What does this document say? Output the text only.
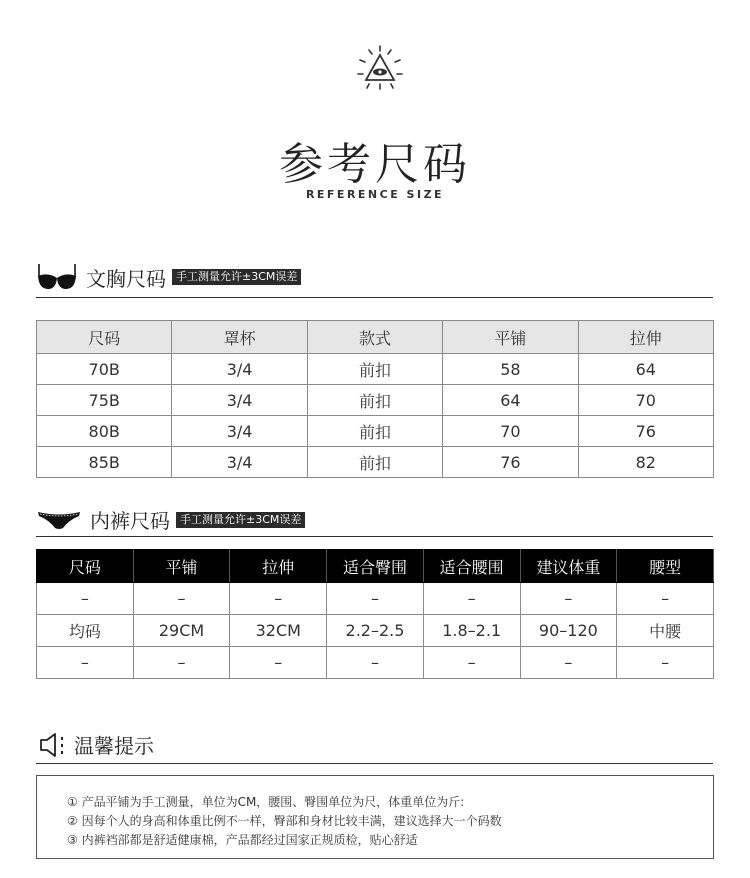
参考尺码
REFERENCE SIZE
文胸尺码 手工测量允许±3CM误差
尺码	罩杯	款式	平铺	拉伸
70B	3/4	前扣	58	64
75B	3/4	前扣	64	70
80B	3/4	前扣	70	76
85B	3/4	前扣	76	82
内裤尺码 手工测量允许±3CM误差
尺码	平铺	拉伸	适合臀围	适合腰围	建议体重	腰型
–	–	–	–	–	–	–
均码	29CM	32CM	2.2–2.5	1.8–2.1	90–120	中腰
–	–	–	–	–	–	–
温馨提示
① 产品平铺为手工测量，单位为CM，腰围、臀围单位为尺，体重单位为斤:
② 因每个人的身高和体重比例不一样，臀部和身材比较丰满，建议选择大一个码数
③ 内裤裆部都是舒适健康棉，产品都经过国家正规质检，贴心舒适
